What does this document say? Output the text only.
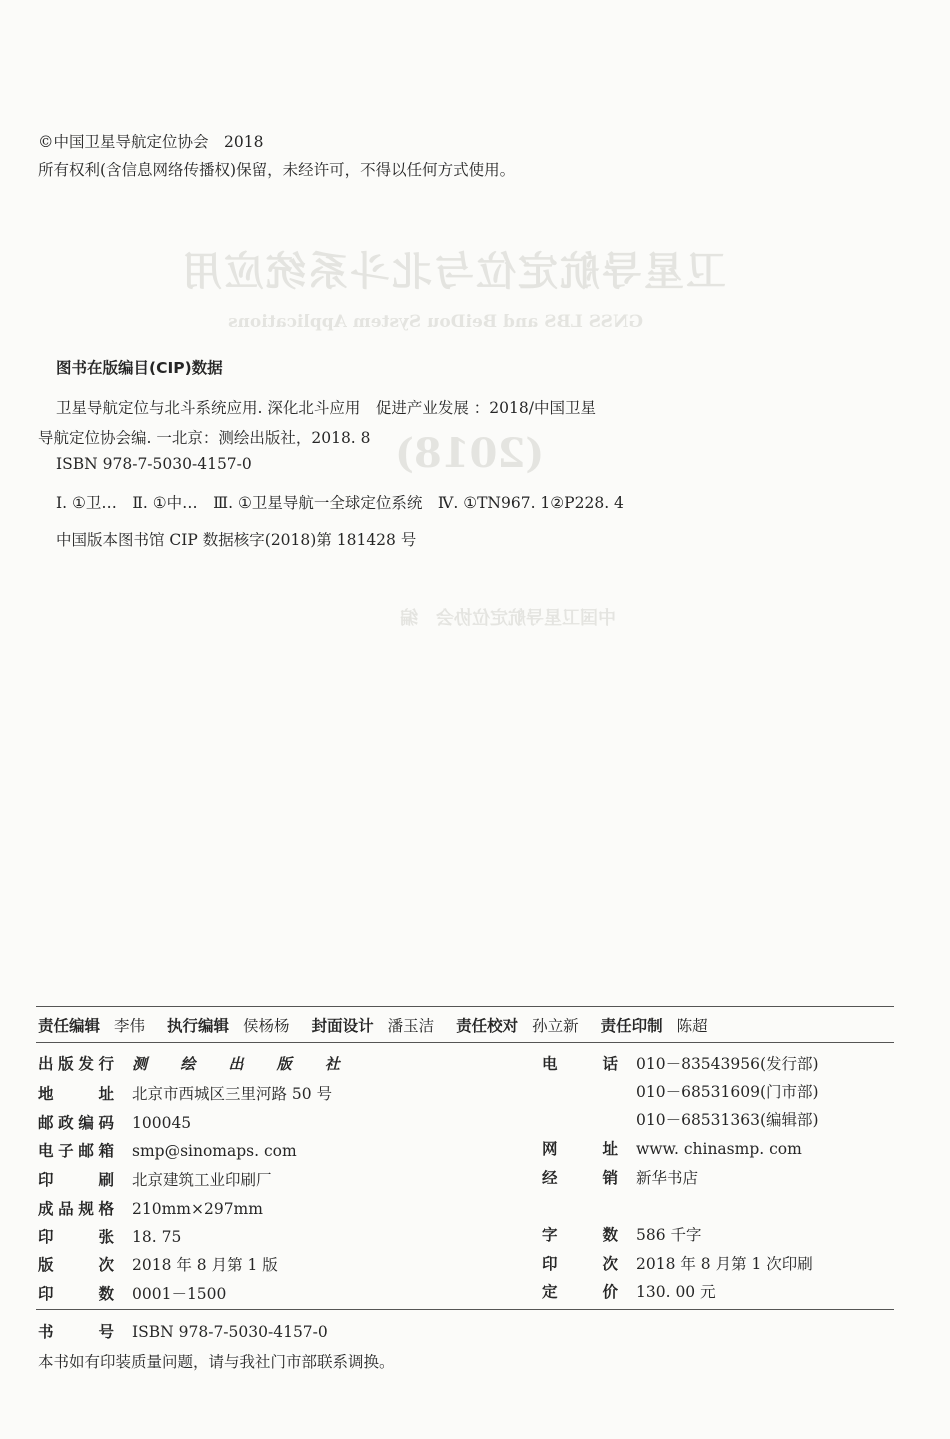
卫星导航定位与北斗系统应用
GNSS LBS and BeiDou System Applications
(2018)
中国卫星导航定位协会　编
©中国卫星导航定位协会　2018
所有权利(含信息网络传播权)保留，未经许可，不得以任何方式使用。
图书在版编目(CIP)数据
卫星导航定位与北斗系统应用. 深化北斗应用　促进产业发展 ：2018/中国卫星
导航定位协会编. 一北京：测绘出版社，2018. 8
ISBN 978-7-5030-4157-0
Ⅰ. ①卫…　Ⅱ. ①中…　Ⅲ. ①卫星导航一全球定位系统　Ⅳ. ①TN967. 1②P228. 4
中国版本图书馆 CIP 数据核字(2018)第 181428 号
责任编辑 李伟 执行编辑 侯杨杨 封面设计 潘玉洁 责任校对 孙立新 责任印制 陈超
出版发行 测 绘 出 版 社
地址 北京市西城区三里河路 50 号
邮政编码 100045
电子邮箱 smp@sinomaps. com
印刷 北京建筑工业印刷厂
成品规格 210mm×297mm
印张 18. 75
版次 2018 年 8 月第 1 版
印数 0001－1500
电话 010－83543956(发行部)
010－68531609(门市部)
010－68531363(编辑部)
网址 www. chinasmp. com
经销 新华书店
字数 586 千字
印次 2018 年 8 月第 1 次印刷
定价 130. 00 元
书号 ISBN 978-7-5030-4157-0
本书如有印装质量问题，请与我社门市部联系调换。
